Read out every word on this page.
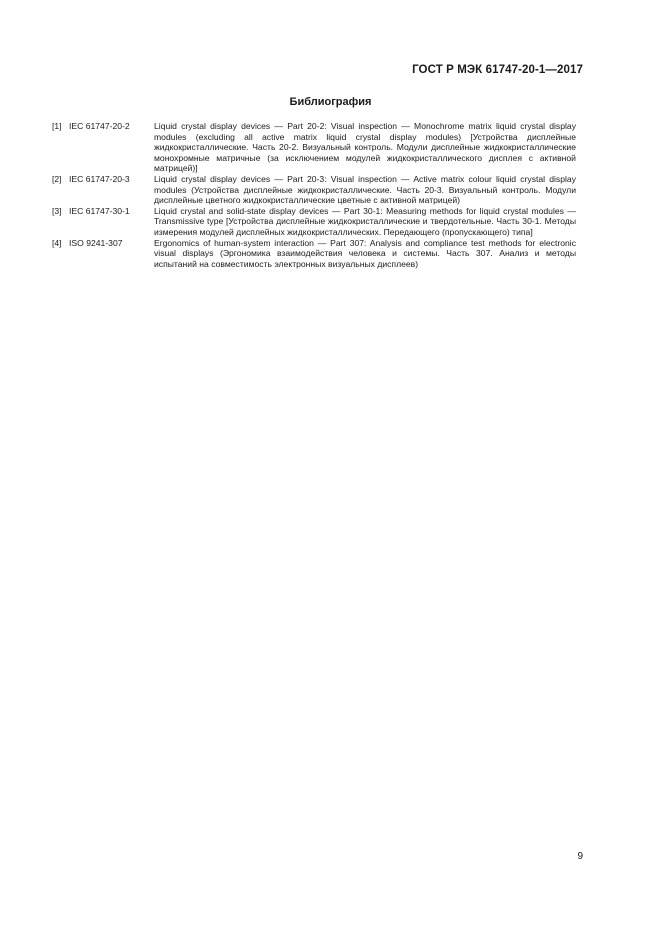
ГОСТ Р МЭК 61747-20-1—2017
Библиография
[1] IEC 61747-20-2	Liquid crystal display devices — Part 20-2: Visual inspection — Monochrome matrix liquid crystal display modules (excluding all active matrix liquid crystal display modules) [Устройства дисплейные жидкокристаллические. Часть 20-2. Визуальный контроль. Модули дисплейные жидкокристаллические монохромные матричные (за исключением модулей жидкокристаллического дисплея с активной матрицей)]
[2] IEC 61747-20-3	Liquid crystal display devices — Part 20-3: Visual inspection — Active matrix colour liquid crystal display modules (Устройства дисплейные жидкокристаллические. Часть 20-3. Визуальный контроль. Модули дисплейные цветного жидкокристаллические цветные с активной матрицей)
[3] IEC 61747-30-1	Liquid crystal and solid-state display devices — Part 30-1: Measuring methods for liquid crystal modules — Transmissive type [Устройства дисплейные жидкокристаллические и твердотельные. Часть 30-1. Методы измерения модулей дисплейных жидкокристаллических. Передающего (пропускающего) типа]
[4] ISO 9241-307	Ergonomics of human-system interaction — Part 307: Analysis and compliance test methods for electronic visual displays (Эргономика взаимодействия человека и системы. Часть 307. Анализ и методы испытаний на совместимость электронных визуальных дисплеев)
9
